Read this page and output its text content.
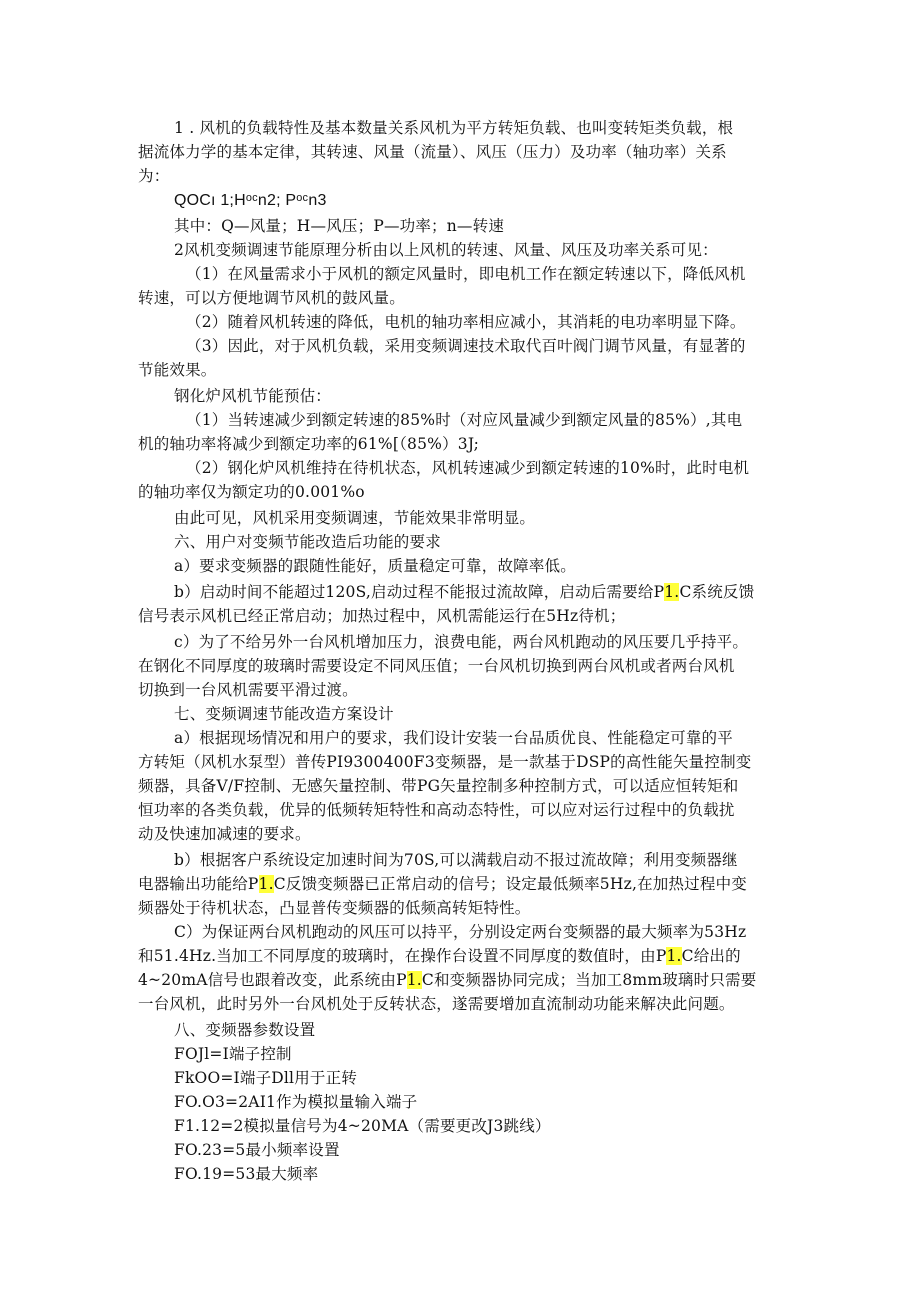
1 . 风机的负载特性及基本数量关系风机为平方转矩负载、也叫变转矩类负载，根
据流体力学的基本定律，其转速、风量（流量）、风压（压力）及功率（轴功率）关系
为：
QOCı 1;Hᵒᶜn2; Pᵒᶜn3
其中：Q—风量；H—风压；P—功率；n—转速
2风机变频调速节能原理分析由以上风机的转速、风量、风压及功率关系可见：
（1）在风量需求小于风机的额定风量时，即电机工作在额定转速以下，降低风机
转速，可以方便地调节风机的鼓风量。
（2）随着风机转速的降低，电机的轴功率相应减小，其消耗的电功率明显下降。
（3）因此，对于风机负载，采用变频调速技术取代百叶阀门调节风量，有显著的
节能效果。
钢化炉风机节能预估：
（1）当转速减少到额定转速的85%时（对应风量减少到额定风量的85%）,其电
机的轴功率将减少到额定功率的61%[（85%）3J;
（2）钢化炉风机维持在待机状态，风机转速减少到额定转速的10%时，此时电机
的轴功率仅为额定功的0.001%o
由此可见，风机采用变频调速，节能效果非常明显。
六、用户对变频节能改造后功能的要求
a）要求变频器的跟随性能好，质量稳定可靠，故障率低。
b）启动时间不能超过120S,启动过程不能报过流故障，启动后需要给P1.C系统反馈
信号表示风机已经正常启动；加热过程中，风机需能运行在5Hz待机；
c）为了不给另外一台风机增加压力，浪费电能，两台风机跑动的风压要几乎持平。
在钢化不同厚度的玻璃时需要设定不同风压值；一台风机切换到两台风机或者两台风机
切换到一台风机需要平滑过渡。
七、变频调速节能改造方案设计
a）根据现场情况和用户的要求，我们设计安装一台品质优良、性能稳定可靠的平
方转矩（风机水泵型）普传PI9300400F3变频器，是一款基于DSP的高性能矢量控制变
频器，具备V/F控制、无感矢量控制、带PG矢量控制多种控制方式，可以适应恒转矩和
恒功率的各类负载，优异的低频转矩特性和高动态特性，可以应对运行过程中的负载扰
动及快速加减速的要求。
b）根据客户系统设定加速时间为70S,可以满载启动不报过流故障；利用变频器继
电器输出功能给P1.C反馈变频器已正常启动的信号；设定最低频率5Hz,在加热过程中变
频器处于待机状态，凸显普传变频器的低频高转矩特性。
C）为保证两台风机跑动的风压可以持平，分别设定两台变频器的最大频率为53Hz
和51.4Hz.当加工不同厚度的玻璃时，在操作台设置不同厚度的数值时，由P1.C给出的
4~20mA信号也跟着改变，此系统由P1.C和变频器协同完成；当加工8mm玻璃时只需要
一台风机，此时另外一台风机处于反转状态，遂需要增加直流制动功能来解决此问题。
八、变频器参数设置
FOJl=I端子控制
FkOO=I端子Dll用于正转
FO.O3=2AI1作为模拟量输入端子
F1.12=2模拟量信号为4~20MA（需要更改J3跳线）
FO.23=5最小频率设置
FO.19=53最大频率
